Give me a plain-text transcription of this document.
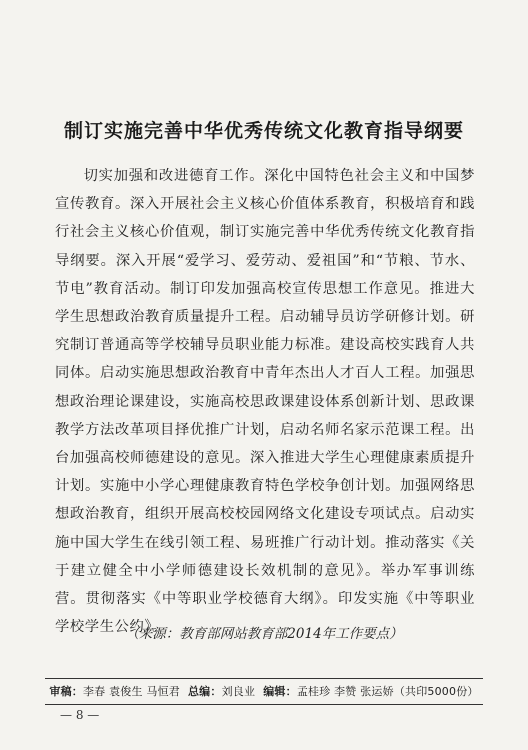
制订实施完善中华优秀传统文化教育指导纲要
切实加强和改进德育工作。深化中国特色社会主义和中国梦宣传教育。深入开展社会主义核心价值体系教育，积极培育和践行社会主义核心价值观，制订实施完善中华优秀传统文化教育指导纲要。深入开展“爱学习、爱劳动、爱祖国”和“节粮、节水、节电”教育活动。制订印发加强高校宣传思想工作意见。推进大学生思想政治教育质量提升工程。启动辅导员访学研修计划。研究制订普通高等学校辅导员职业能力标准。建设高校实践育人共同体。启动实施思想政治教育中青年杰出人才百人工程。加强思想政治理论课建设，实施高校思政课建设体系创新计划、思政课教学方法改革项目择优推广计划，启动名师名家示范课工程。出台加强高校师德建设的意见。深入推进大学生心理健康素质提升计划。实施中小学心理健康教育特色学校争创计划。加强网络思想政治教育，组织开展高校校园网络文化建设专项试点。启动实施中国大学生在线引领工程、易班推广行动计划。推动落实《关于建立健全中小学师德建设长效机制的意见》。举办军事训练营。贯彻落实《中等职业学校德育大纲》。印发实施《中等职业学校学生公约》。
（来源：教育部网站教育部2014年工作要点）
审稿：李春 袁俊生 马恒君 总编：刘良业 编辑：孟桂珍 李赞 张运娇（共印5000份）
— 8 —
